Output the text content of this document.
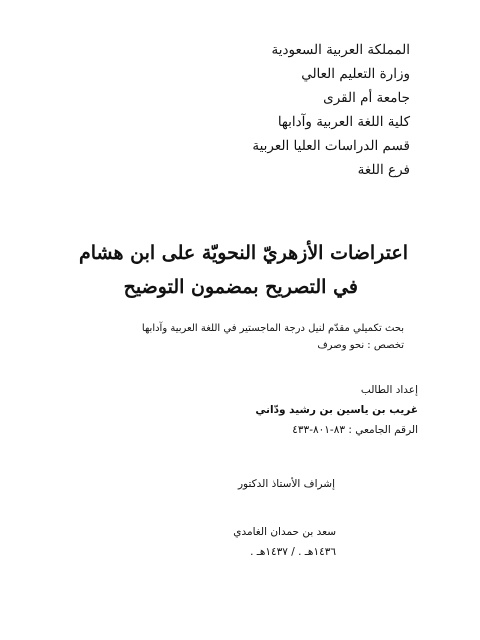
المملكة العربية السعودية
وزارة التعليم العالي
جامعة أم القرى
كلية اللغة العربية وآدابها
قسم الدراسات العليا العربية
فرع اللغة
اعتراضات الأزهريّ النحويّة على ابن هشام
في التصريح بمضمون التوضيح
بحث تكميلي مقدّم لنيل درجة الماجستير في اللغة العربية وآدابها
تخصص : نحو وصرف
إعداد الطالب
غريب بن ياسين بن رشيد ودّاني
الرقم الجامعي : ٨٣-٨٠١-٤٣٣
إشراف الأستاذ الدكتور
سعد بن حمدان الغامدي
١٤٣٦هـ . / ١٤٣٧هـ .
